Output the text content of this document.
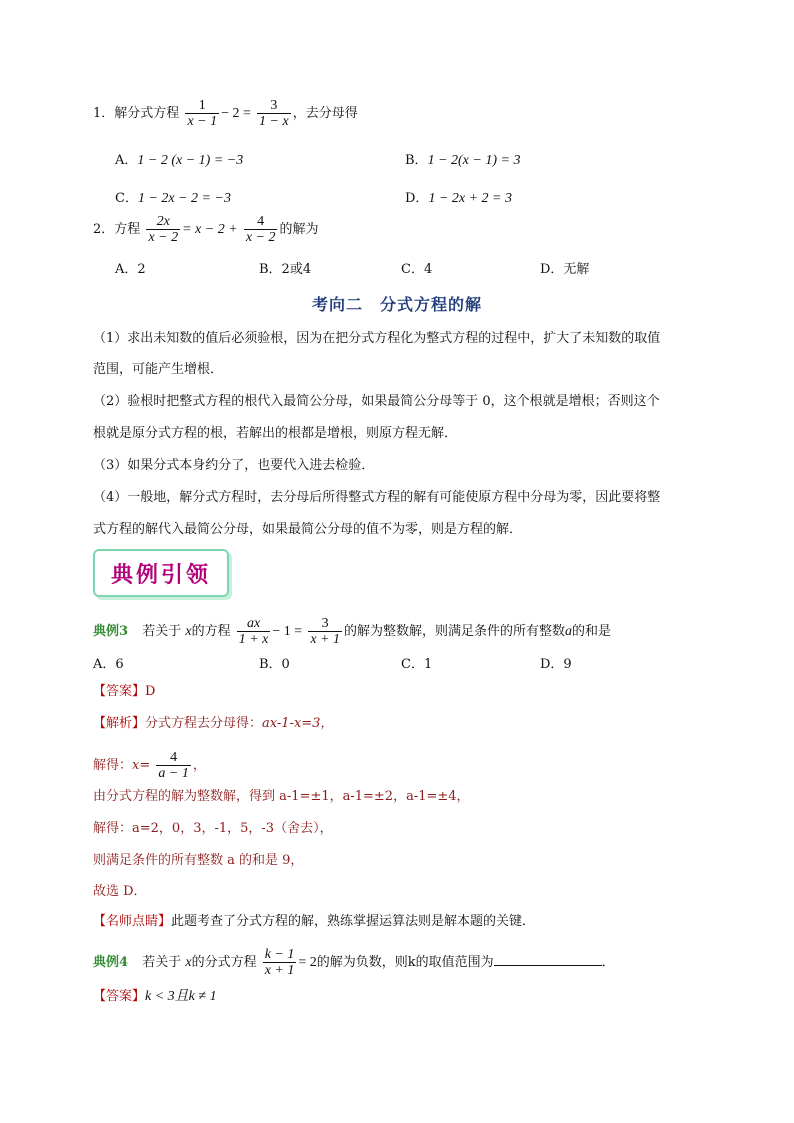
1．解分式方程 $\frac{1}{x - 1} - 2 = \frac{3}{1 - x}$ ，去分母得
A．1 − 2 (x − 1) = −3	B．1 − 2(x − 1) = 3
C．1 − 2x − 2 = −3	D．1 − 2x + 2 = 3
2．方程 $\frac{2x}{x - 2} = x - 2 + \frac{4}{x - 2}$ 的解为
A．2	B．2或4	C．4	D．无解
考向二　分式方程的解
（1）求出未知数的值后必须验根，因为在把分式方程化为整式方程的过程中，扩大了未知数的取值
范围，可能产生增根．
（2）验根时把整式方程的根代入最简公分母，如果最简公分母等于 0，这个根就是增根；否则这个
根就是原分式方程的根，若解出的根都是增根，则原方程无解．
（3）如果分式本身约分了，也要代入进去检验．
（4）一般地，解分式方程时，去分母后所得整式方程的解有可能使原方程中分母为零，因此要将整
式方程的解代入最简公分母，如果最简公分母的值不为零，则是方程的解．
典例引领
典例3 若关于 x的方程 $\frac{ax}{1 + x} - 1 = \frac{3}{x + 1}$ 的解为整数解，则满足条件的所有整数a的和是
A．6	B．0	C．1	D．9
【答案】D
【解析】分式方程去分母得：ax-1-x=3，
解得：$x= \frac{4}{a - 1}$ ，
由分式方程的解为整数解，得到 a-1=±1，a-1=±2，a-1=±4，
解得：a=2，0，3，-1，5，-3（舍去），
则满足条件的所有整数 a 的和是 9，
故选 D．
【名师点睛】此题考查了分式方程的解，熟练掌握运算法则是解本题的关键．
典例4 若关于 x的分式方程 $\frac{k - 1}{x + 1} = 2$的解为负数，则k的取值范围为	．
【答案】k < 3且k ≠ 1
